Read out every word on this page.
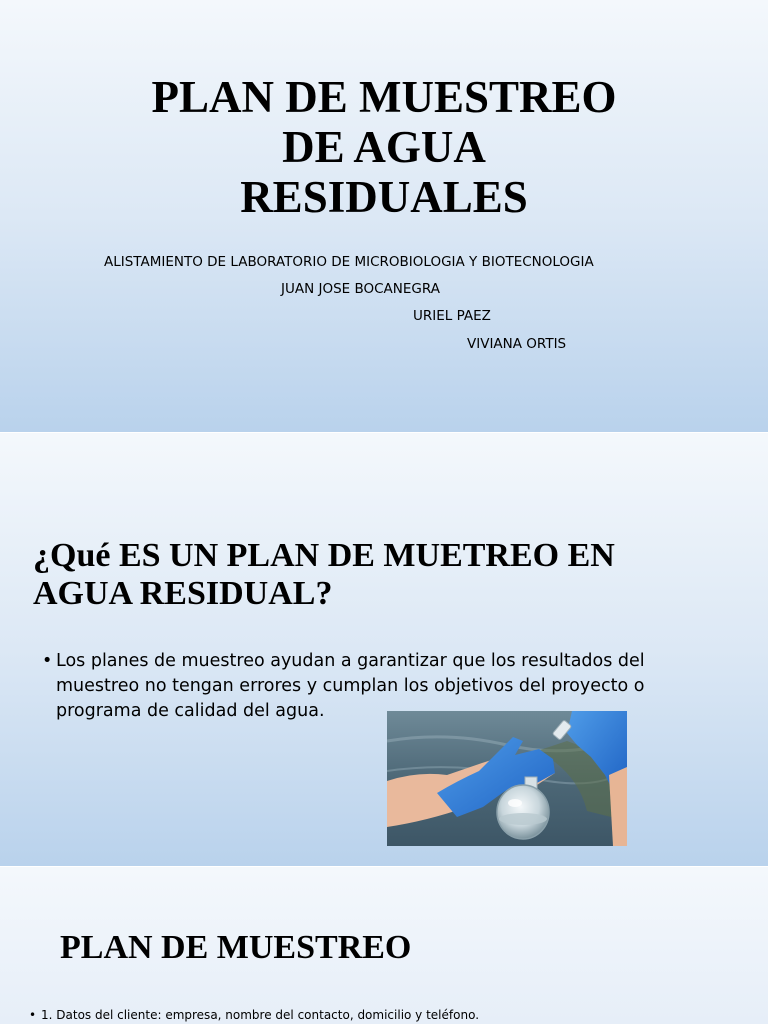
PLAN DE MUESTREO
DE AGUA
RESIDUALES

ALISTAMIENTO DE LABORATORIO DE MICROBIOLOGIA Y BIOTECNOLOGIA

JUAN JOSE BOCANEGRA

URIEL PAEZ

VIVIANA ORTIS

¿Qué ES UN PLAN DE MUETREO EN
AGUA RESIDUAL?
• Los planes de muestreo ayudan a garantizar que los resultados del muestreo no tengan errores y cumplan los objetivos del proyecto o programa de calidad del agua.
PLAN DE MUESTREO
• 1. Datos del cliente: empresa, nombre del contacto, domicilio y teléfono.
